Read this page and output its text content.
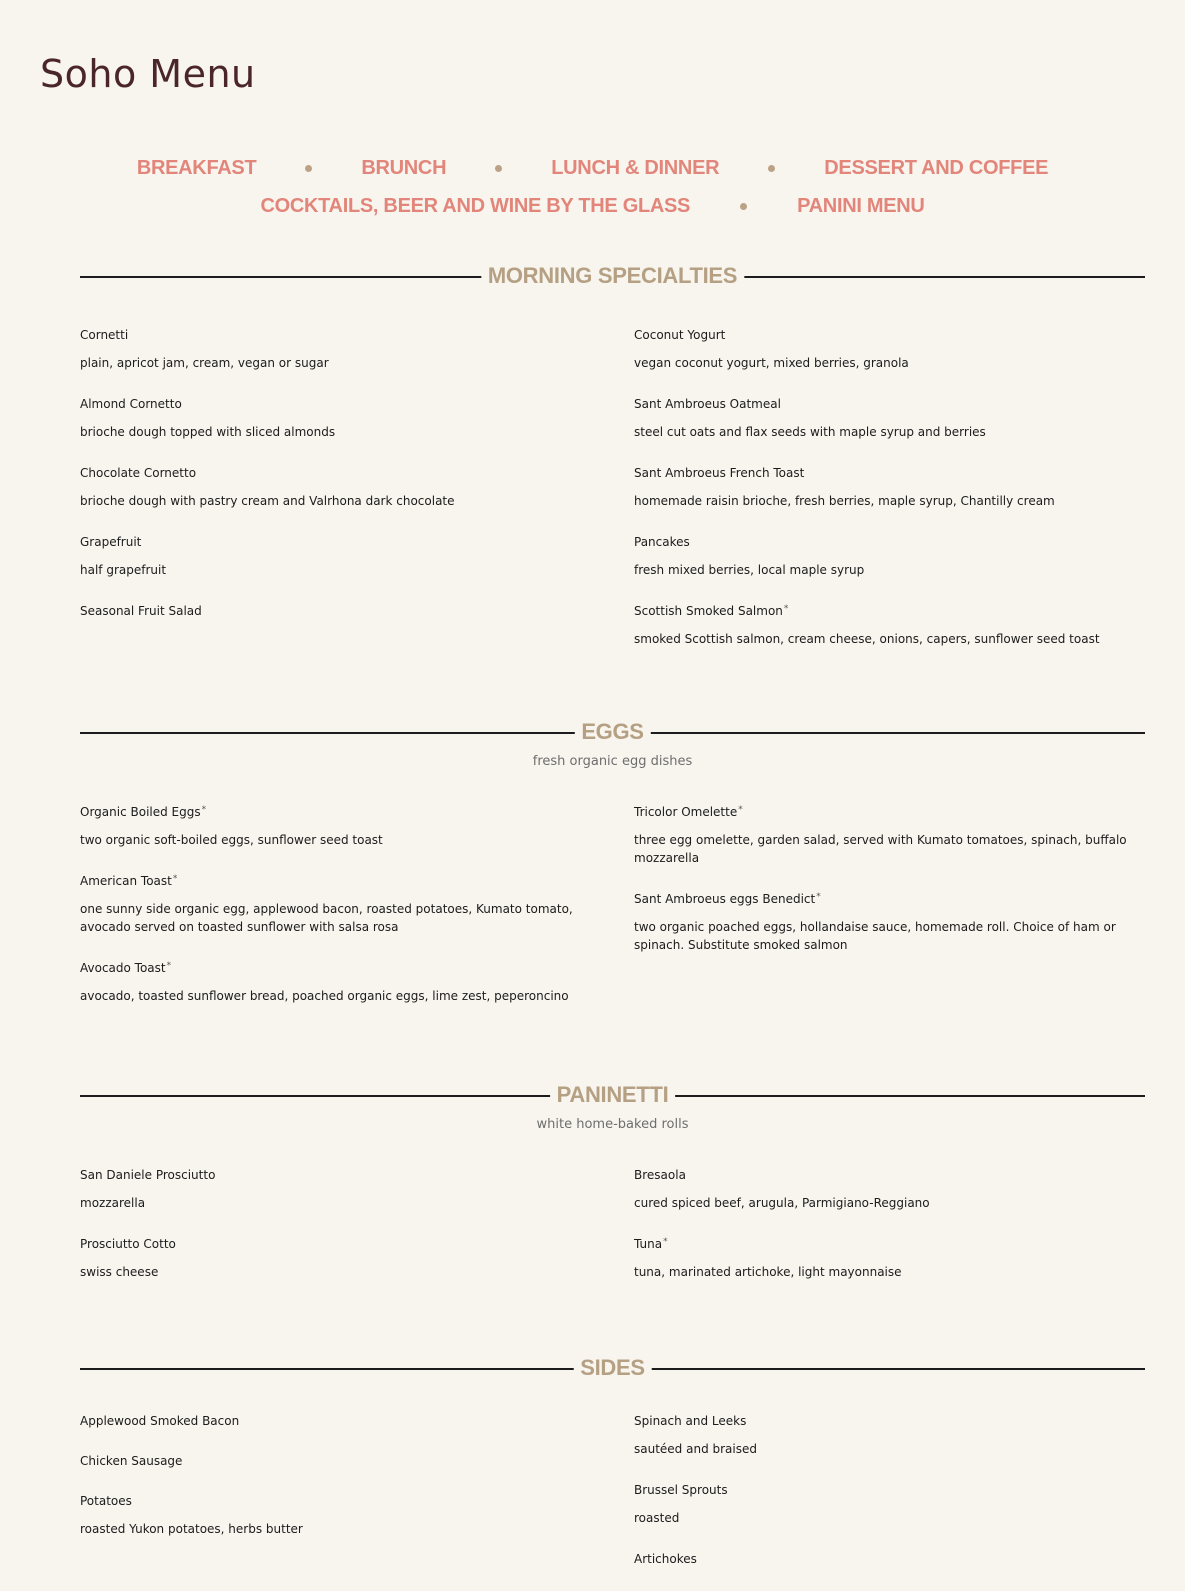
Soho Menu
BREAKFAST	BRUNCH	LUNCH & DINNER	DESSERT AND COFFEE
COCKTAILS, BEER AND WINE BY THE GLASS	PANINI MENU
MORNING SPECIALTIES
Cornetti
plain, apricot jam, cream, vegan or sugar
Almond Cornetto
brioche dough topped with sliced almonds
Chocolate Cornetto
brioche dough with pastry cream and Valrhona dark chocolate
Grapefruit
half grapefruit
Seasonal Fruit Salad
Coconut Yogurt
vegan coconut yogurt, mixed berries, granola
Sant Ambroeus Oatmeal
steel cut oats and flax seeds with maple syrup and berries
Sant Ambroeus French Toast
homemade raisin brioche, fresh berries, maple syrup, Chantilly cream
Pancakes
fresh mixed berries, local maple syrup
Scottish Smoked Salmon*
smoked Scottish salmon, cream cheese, onions, capers, sunflower seed toast
EGGS
fresh organic egg dishes
Organic Boiled Eggs*
two organic soft-boiled eggs, sunflower seed toast
American Toast*
one sunny side organic egg, applewood bacon, roasted potatoes, Kumato tomato, avocado served on toasted sunflower with salsa rosa
Avocado Toast*
avocado, toasted sunflower bread, poached organic eggs, lime zest, peperoncino
Tricolor Omelette*
three egg omelette, garden salad, served with Kumato tomatoes, spinach, buffalo mozzarella
Sant Ambroeus eggs Benedict*
two organic poached eggs, hollandaise sauce, homemade roll. Choice of ham or spinach. Substitute smoked salmon
PANINETTI
white home-baked rolls
San Daniele Prosciutto
mozzarella
Prosciutto Cotto
swiss cheese
Bresaola
cured spiced beef, arugula, Parmigiano-Reggiano
Tuna*
tuna, marinated artichoke, light mayonnaise
SIDES
Applewood Smoked Bacon
Chicken Sausage
Potatoes
roasted Yukon potatoes, herbs butter
Spinach and Leeks
sautéed and braised
Brussel Sprouts
roasted
Artichokes
